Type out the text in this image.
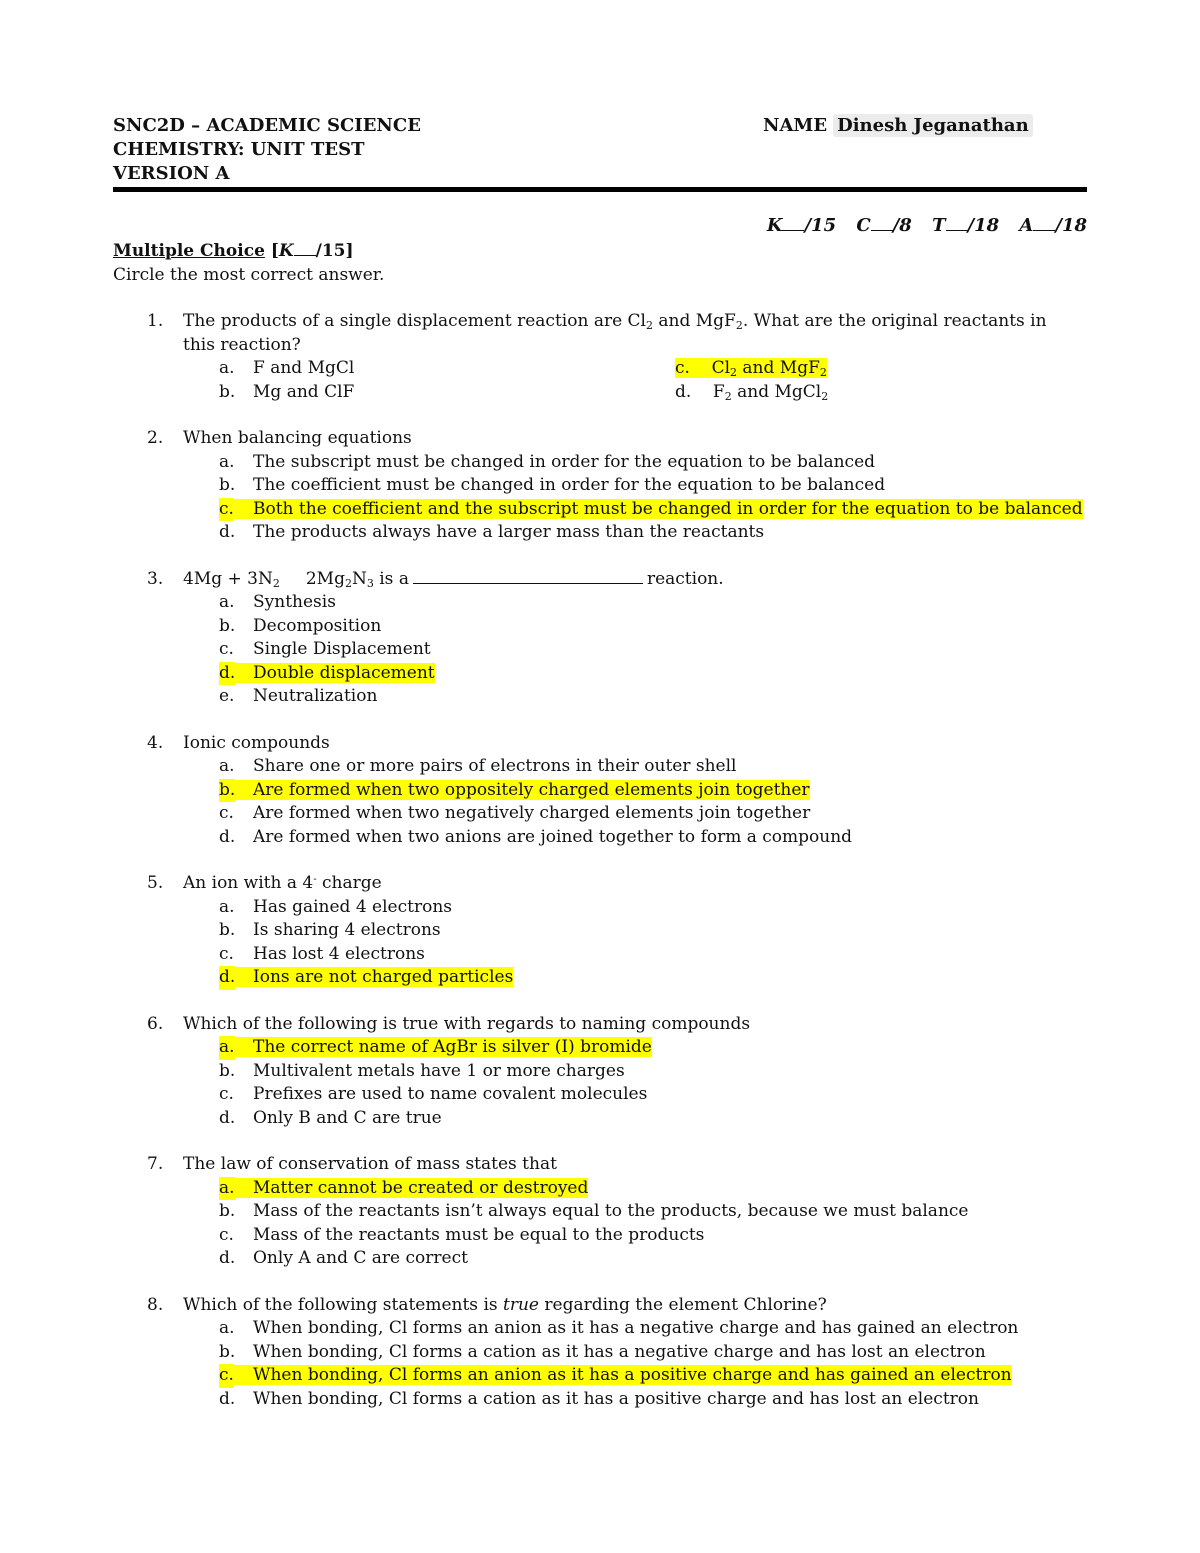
SNC2D – ACADEMIC SCIENCE
CHEMISTRY: UNIT TEST
VERSION A
NAME Dinesh Jeganathan
K /15 C /8 T /18 A /18
Multiple Choice [K /15]
Circle the most correct answer.
1. The products of a single displacement reaction are $Cl_2$ and MgF$_2$. What are the original reactants in this reaction?
a. F and MgCl	c. $Cl_2$ and MgF$_2$
b. Mg and ClF	d. $F_2$ and MgCl$_2$
2. When balancing equations
a. The subscript must be changed in order for the equation to be balanced
b. The coefficient must be changed in order for the equation to be balanced
c. Both the coefficient and the subscript must be changed in order for the equation to be balanced
d. The products always have a larger mass than the reactants
3. $4Mg + 3N_2$ $2Mg_2N_3$ is a	reaction.
a. Synthesis
b. Decomposition
c. Single Displacement
d. Double displacement
e. Neutralization
4. Ionic compounds
a. Share one or more pairs of electrons in their outer shell
b. Are formed when two oppositely charged elements join together
c. Are formed when two negatively charged elements join together
d. Are formed when two anions are joined together to form a compound
5. An ion with a 4- charge
a. Has gained 4 electrons
b. Is sharing 4 electrons
c. Has lost 4 electrons
d. Ions are not charged particles
6. Which of the following is true with regards to naming compounds
a. The correct name of AgBr is silver (I) bromide
b. Multivalent metals have 1 or more charges
c. Prefixes are used to name covalent molecules
d. Only B and C are true
7. The law of conservation of mass states that
a. Matter cannot be created or destroyed
b. Mass of the reactants isn’t always equal to the products, because we must balance
c. Mass of the reactants must be equal to the products
d. Only A and C are correct
8. Which of the following statements is true regarding the element Chlorine?
a. When bonding, Cl forms an anion as it has a negative charge and has gained an electron
b. When bonding, Cl forms a cation as it has a negative charge and has lost an electron
c. When bonding, Cl forms an anion as it has a positive charge and has gained an electron
d. When bonding, Cl forms a cation as it has a positive charge and has lost an electron
